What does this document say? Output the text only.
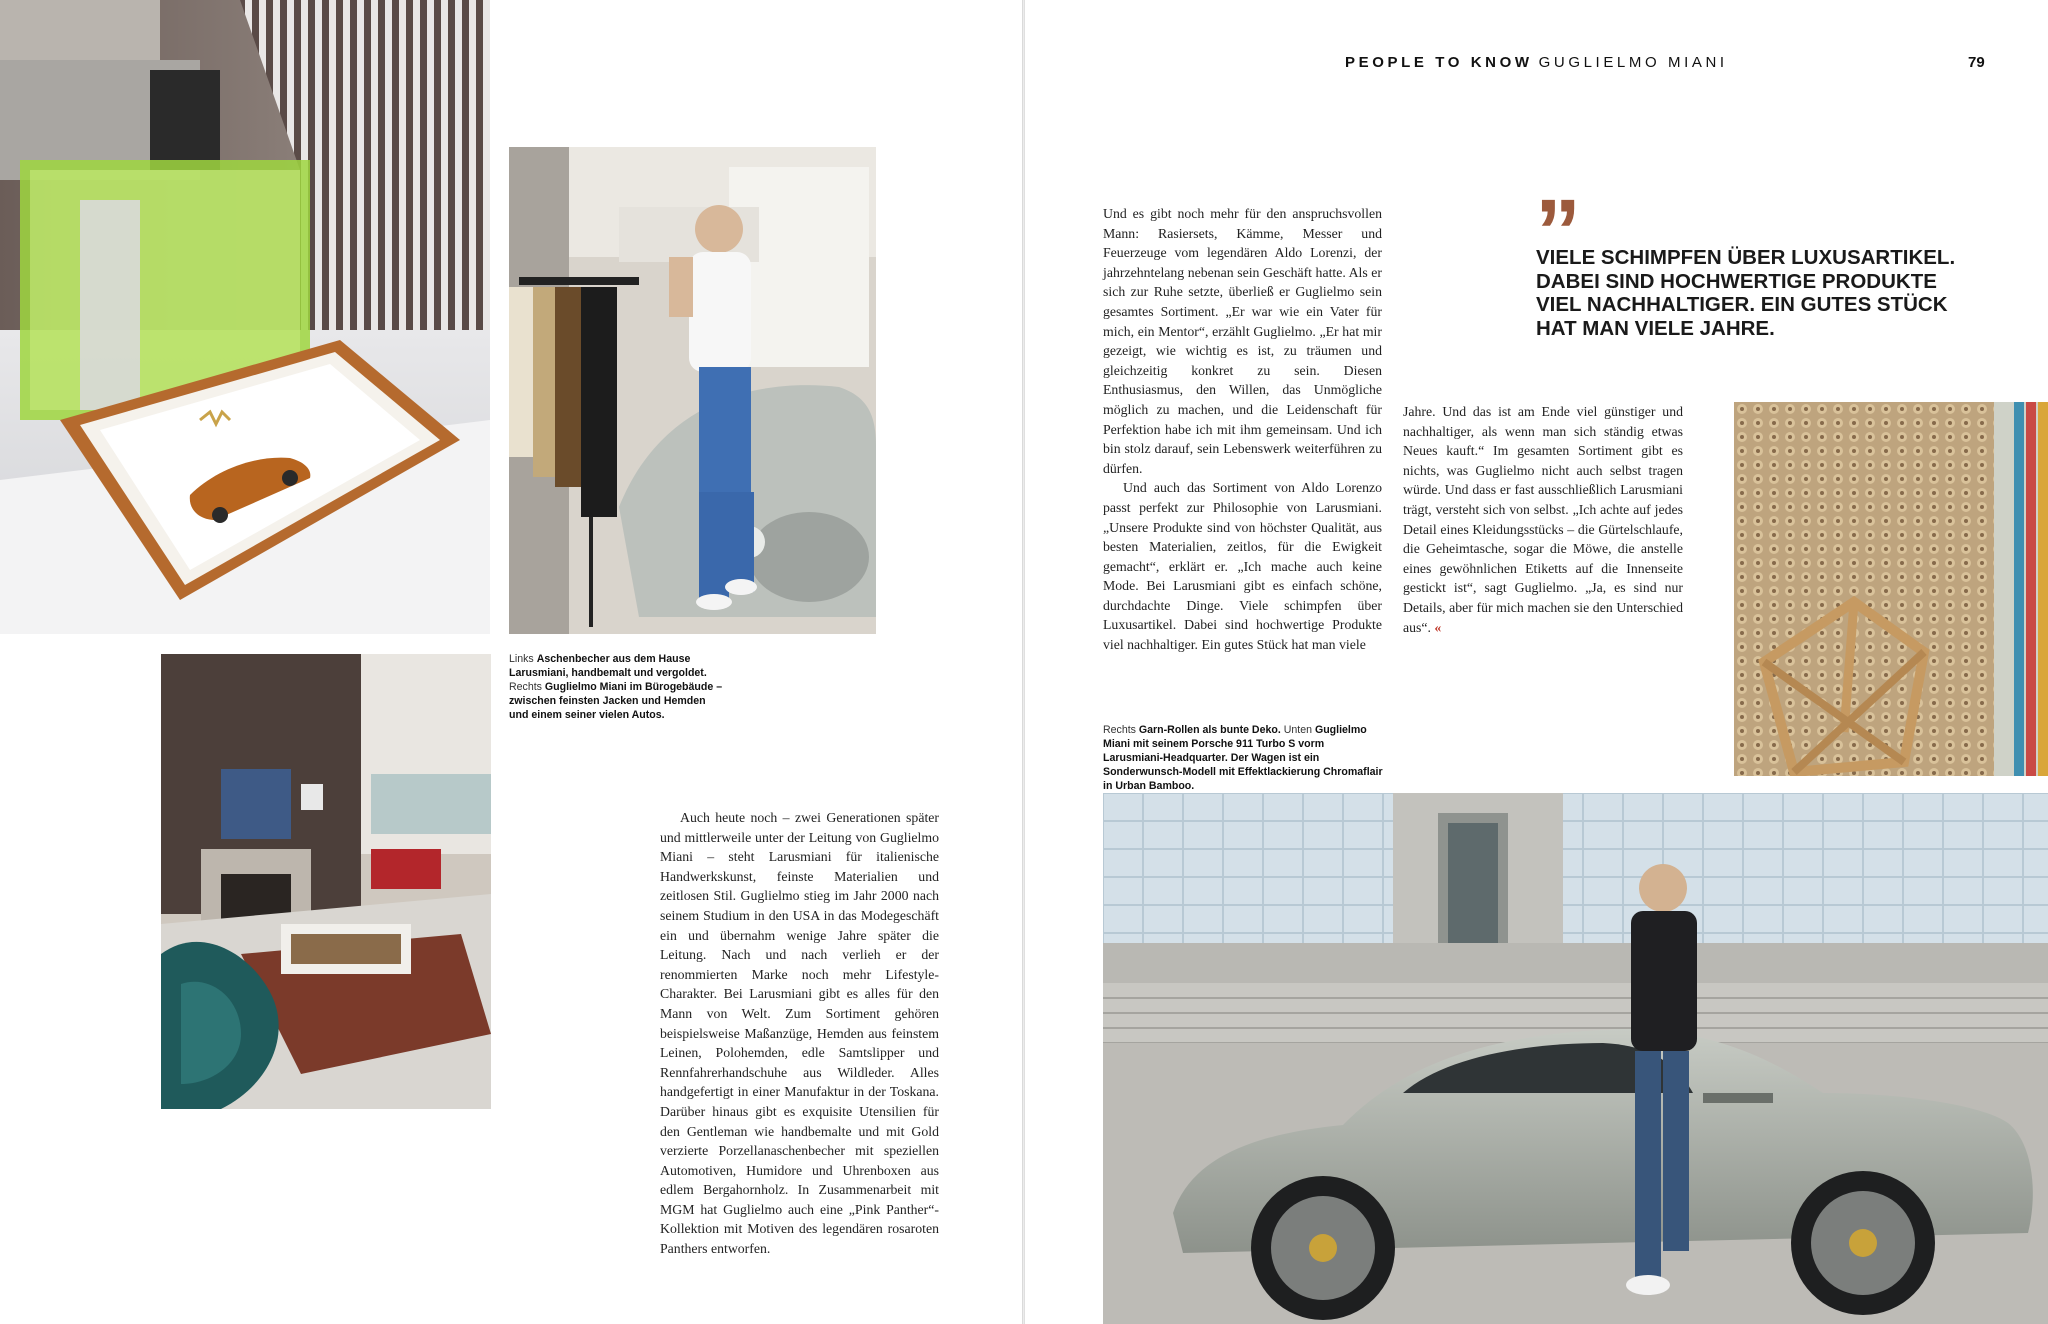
Links Aschenbecher aus dem Hause Larusmiani, handbemalt und vergoldet.
Rechts Guglielmo Miani im Bürogebäude – zwischen feinsten Jacken und Hemden und einem seiner vielen Autos.

Auch heute noch – zwei Generationen später und mittlerweile unter der Leitung von Guglielmo Miani – steht Larusmiani für italienische Handwerkskunst, feinste Materialien und zeitlosen Stil. Guglielmo stieg im Jahr 2000 nach seinem Studium in den USA in das Modegeschäft ein und übernahm wenige Jahre später die Leitung. Nach und nach verlieh er der renommierten Marke noch mehr Lifestyle-Charakter. Bei Larusmiani gibt es alles für den Mann von Welt. Zum Sortiment gehören beispielsweise Maßanzüge, Hemden aus feinstem Leinen, Polohemden, edle Samtslipper und Rennfahrerhandschuhe aus Wildleder. Alles handgefertigt in einer Manufaktur in der Toskana. Darüber hinaus gibt es exquisite Utensilien für den Gentleman wie handbemalte und mit Gold verzierte Porzellanaschenbecher mit speziellen Automotiven, Humidore und Uhrenboxen aus edlem Bergahornholz. In Zusammenarbeit mit MGM hat Guglielmo auch eine „Pink Panther“-Kollektion mit Motiven des legendären rosaroten Panthers entworfen.

PEOPLE TO KNOW GUGLIELMO MIANI	79

Und es gibt noch mehr für den anspruchsvollen Mann: Rasiersets, Kämme, Messer und Feuerzeuge vom legendären Aldo Lorenzi, der jahrzehntelang nebenan sein Geschäft hatte. Als er sich zur Ruhe setzte, überließ er Guglielmo sein gesamtes Sortiment. „Er war wie ein Vater für mich, ein Mentor“, erzählt Guglielmo. „Er hat mir gezeigt, wie wichtig es ist, zu träumen und gleichzeitig konkret zu sein. Diesen Enthusiasmus, den Willen, das Unmögliche möglich zu machen, und die Leidenschaft für Perfektion habe ich mit ihm gemeinsam. Und ich bin stolz darauf, sein Lebenswerk weiterführen zu dürfen.

Und auch das Sortiment von Aldo Lorenzo passt perfekt zur Philosophie von Larusmiani. „Unsere Produkte sind von höchster Qualität, aus besten Materialien, zeitlos, für die Ewigkeit gemacht“, erklärt er. „Ich mache auch keine Mode. Bei Larusmiani gibt es einfach schöne, durchdachte Dinge. Viele schimpfen über Luxusartikel. Dabei sind hochwertige Produkte viel nachhaltiger. Ein gutes Stück hat man viele

Jahre. Und das ist am Ende viel günstiger und nachhaltiger, als wenn man sich ständig etwas Neues kauft.“ Im gesamten Sortiment gibt es nichts, was Guglielmo nicht auch selbst tragen würde. Und dass er fast ausschließlich Larusmiani trägt, versteht sich von selbst. „Ich achte auf jedes Detail eines Kleidungsstücks – die Gürtelschlaufe, die Geheimtasche, sogar die Möwe, die anstelle eines gewöhnlichen Etiketts auf die Innenseite gestickt ist“, sagt Guglielmo. „Ja, es sind nur Details, aber für mich machen sie den Unterschied aus“. «

”
VIELE SCHIMPFEN ÜBER LUXUSARTIKEL. DABEI SIND HOCHWERTIGE PRODUKTE VIEL NACHHALTIGER. EIN GUTES STÜCK HAT MAN VIELE JAHRE.
Rechts Garn-Rollen als bunte Deko. Unten Guglielmo Miani mit seinem Porsche 911 Turbo S vorm Larusmiani-Headquarter. Der Wagen ist ein Sonderwunsch-Modell mit Effektlackierung Chromaflair in Urban Bamboo.
